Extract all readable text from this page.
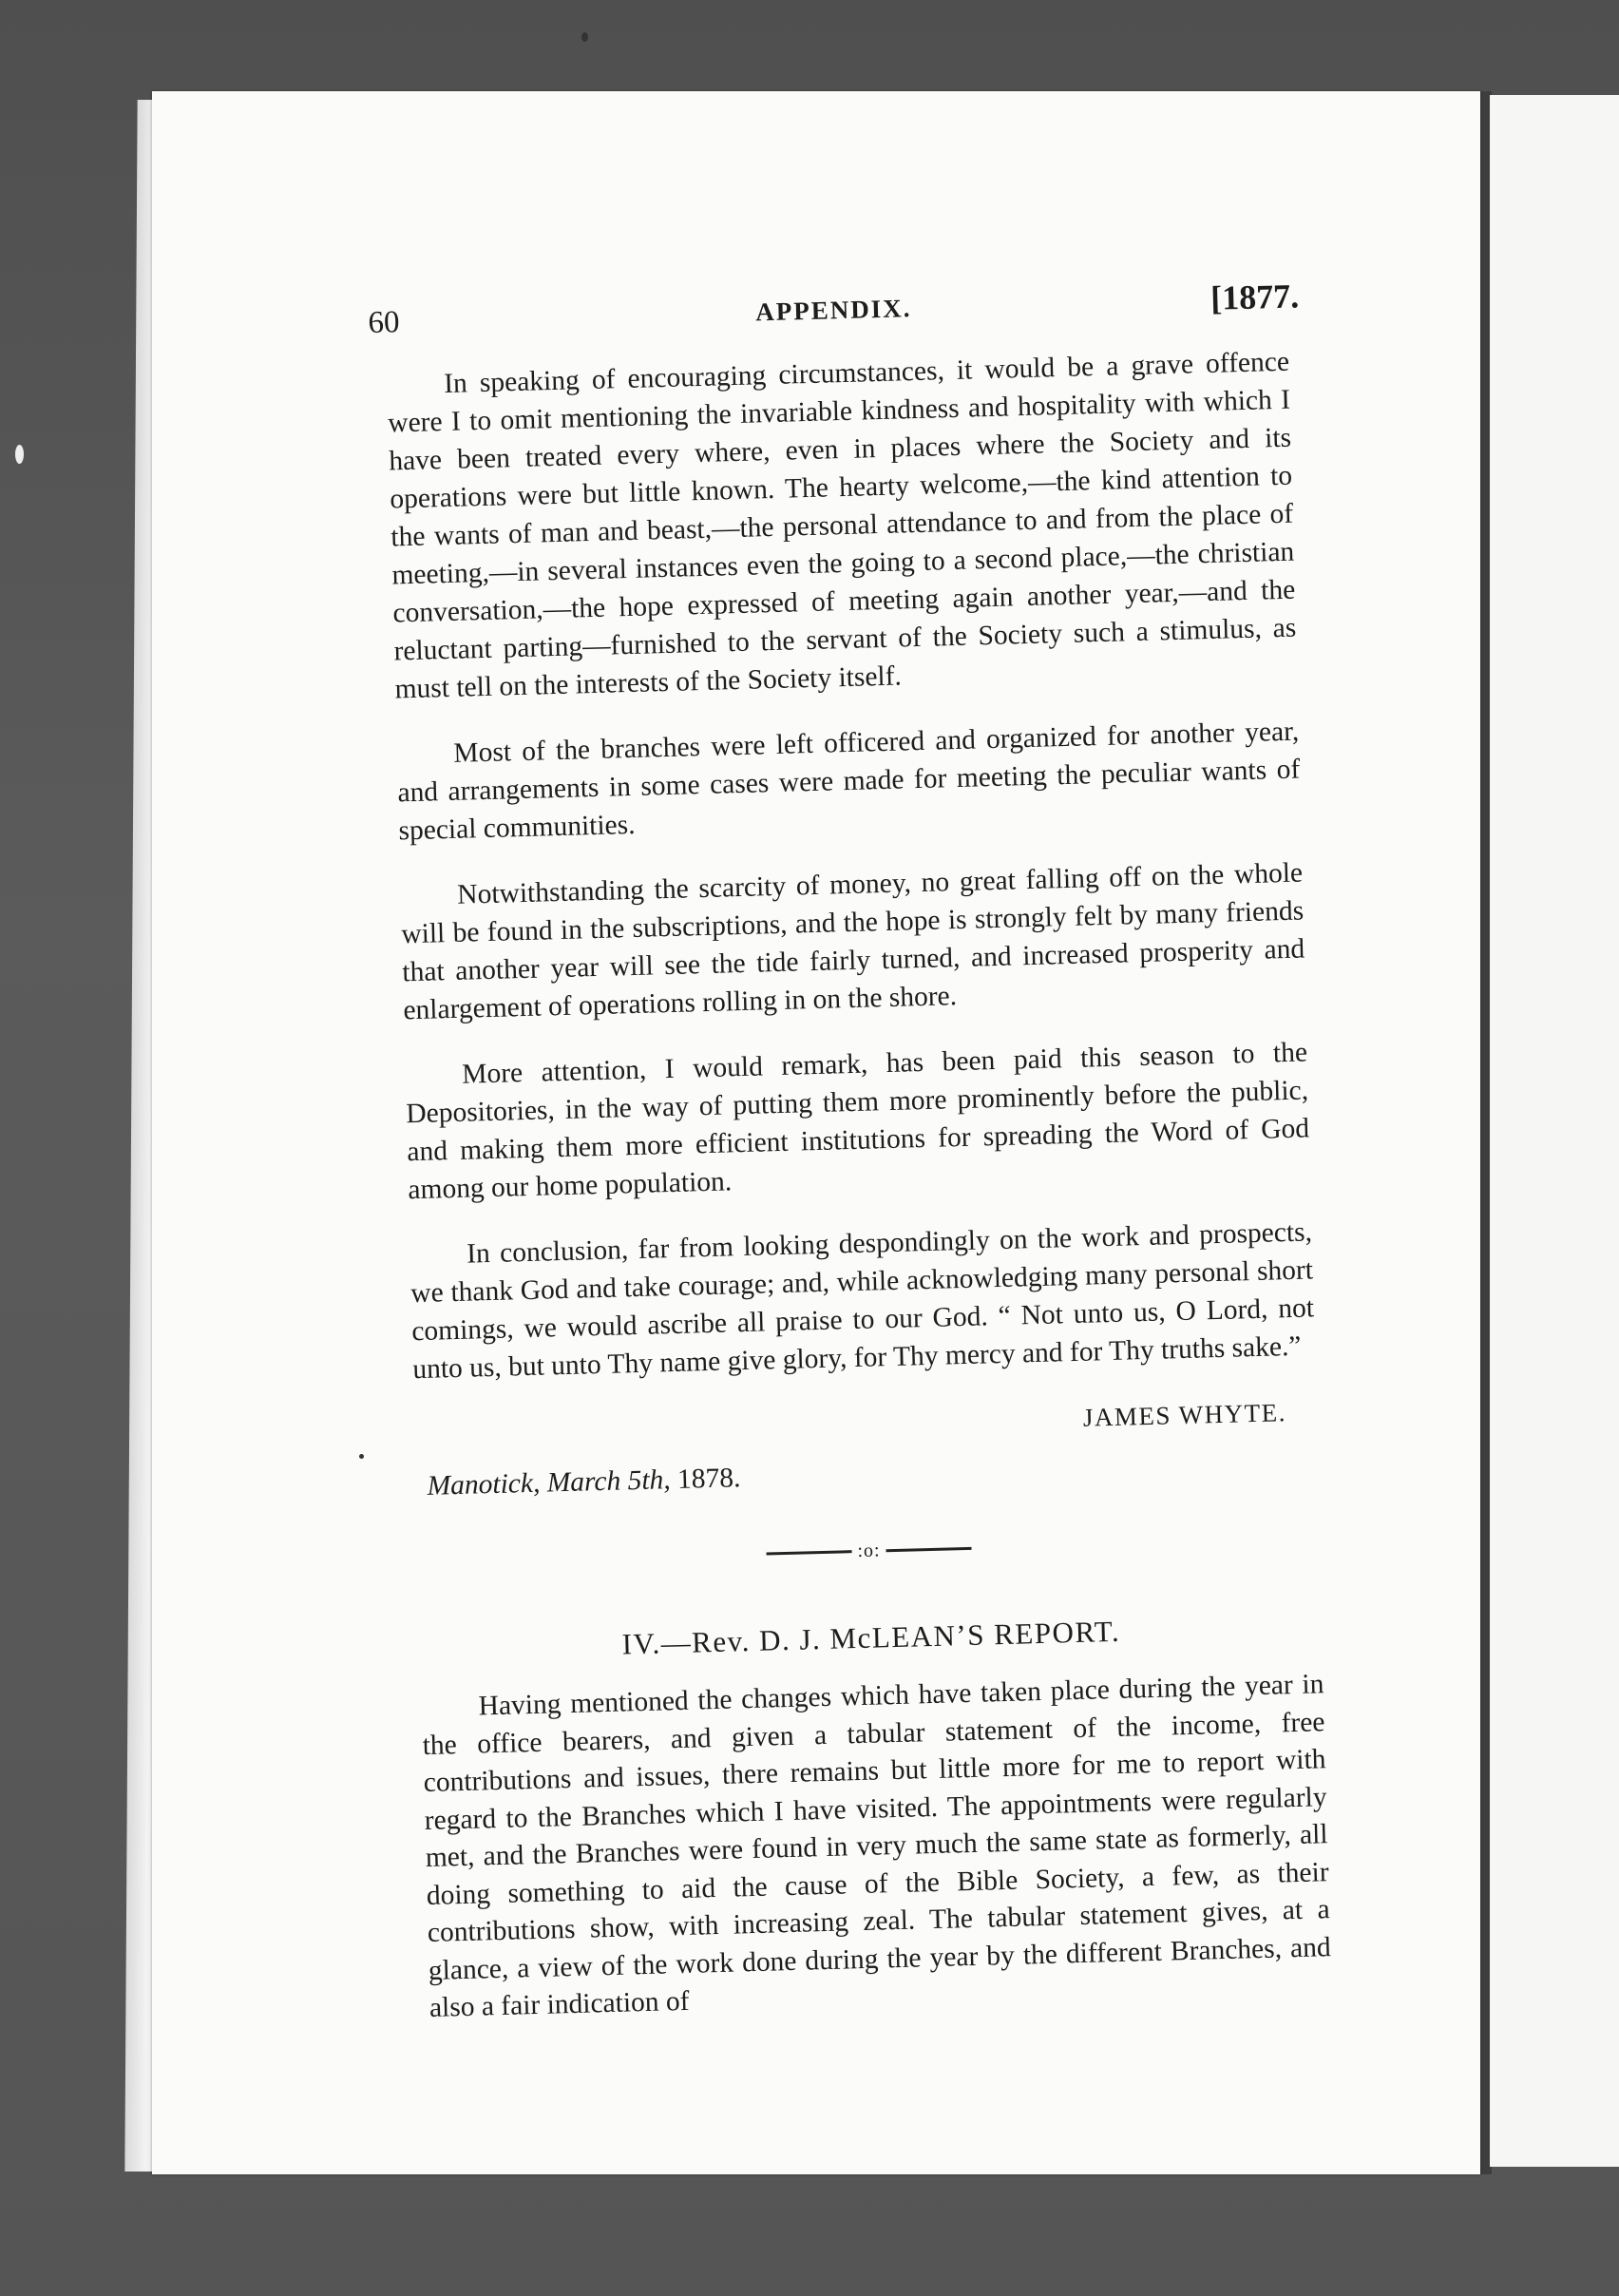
60	APPENDIX.	[1877.

In speaking of encouraging circumstances, it would be a grave offence were I to omit mentioning the invariable kindness and hospitality with which I have been treated every where, even in places where the Society and its operations were but little known. The hearty welcome,—the kind attention to the wants of man and beast,—the personal attendance to and from the place of meeting,—in several instances even the going to a second place,—the christian conversation,—the hope expressed of meeting again another year,—and the reluctant parting—furnished to the servant of the Society such a stimulus, as must tell on the interests of the Society itself.

Most of the branches were left officered and organized for another year, and arrangements in some cases were made for meeting the peculiar wants of special communities.

Notwithstanding the scarcity of money, no great falling off on the whole will be found in the subscriptions, and the hope is strongly felt by many friends that another year will see the tide fairly turned, and increased prosperity and enlargement of operations rolling in on the shore.

More attention, I would remark, has been paid this season to the Depositories, in the way of putting them more prominently before the public, and making them more efficient institutions for spreading the Word of God among our home population.

In conclusion, far from looking despondingly on the work and prospects, we thank God and take courage; and, while acknowledging many personal short comings, we would ascribe all praise to our God. “ Not unto us, O Lord, not unto us, but unto Thy name give glory, for Thy mercy and for Thy truths sake.”

JAMES WHYTE.
Manotick, March 5th, 1878.
:o:
IV.—Rev. D. J. McLEAN’S REPORT.

Having mentioned the changes which have taken place during the year in the office bearers, and given a tabular statement of the income, free contributions and issues, there remains but little more for me to report with regard to the Branches which I have visited. The appointments were regularly met, and the Branches were found in very much the same state as formerly, all doing something to aid the cause of the Bible Society, a few, as their contributions show, with increasing zeal. The tabular statement gives, at a glance, a view of the work done during the year by the different Branches, and also a fair indication of
